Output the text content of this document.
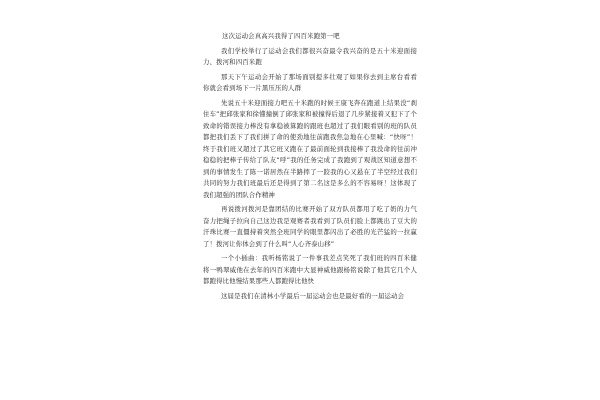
这次运动会真高兴我得了四百米跑第一吧

我们学校举行了运动会我们都很兴奋最令我兴奋的是五十米迎面接力、拨河和四百米跑

那天下午运动会开始了那场面别提多壮观了如果你去到主席台看看你就会看到场下一片黑压压的人群

先说五十米迎面接力吧五十米跑的时候王康飞奔在跑道上结果没“刹住车”把邱张家和徐懂撞倒了邱张家和被撞得后退了几步紧接着又犯下了个致命的错误接力棒没有拿稳被算跑的跟班也超过了我们眼看别的班的队员都把我们丢下了我们拼了命的使劲地往前跑我焦急地在心里喊：“快呀”！终于我们班又超过了其它班又跑在了最前面轮到我接棒了我没命的往前冲稳稳的把棒子传给了队友“呼”我的任务完成了我跑到了观战区知道意想不到的事情发生了陈一诺居然在半路摔了一跤我的心又悬在了半空经过我们共同的努力我们班最后还是得到了第二名这是多么的不容易呀！这体现了我们超强的团队合作精神

再说拨河拨河是靠团结的比赛开始了双方队员都用了吃了奶的力气奋力把绳子拉向自己这边我是观赛者我看到了队员们脸上都跳出了豆大的汗珠比赛一直僵持着突然全班同学的眼里都闪出了必胜的光芒猛的一拉赢了！拨河让你体会到了什么叫“人心齐泰山移”

一个小插曲：我听杨铭说了一件事我差点笑死了我们班的四百米健将一鸭翠威他在去年的四百米跑中大显神威他跟杨铭说除了他其它几个人都跑得比他慢结果那些人都跑得比他快

这届是我们在清林小学最后一届运动会也是最好看的一届运动会
